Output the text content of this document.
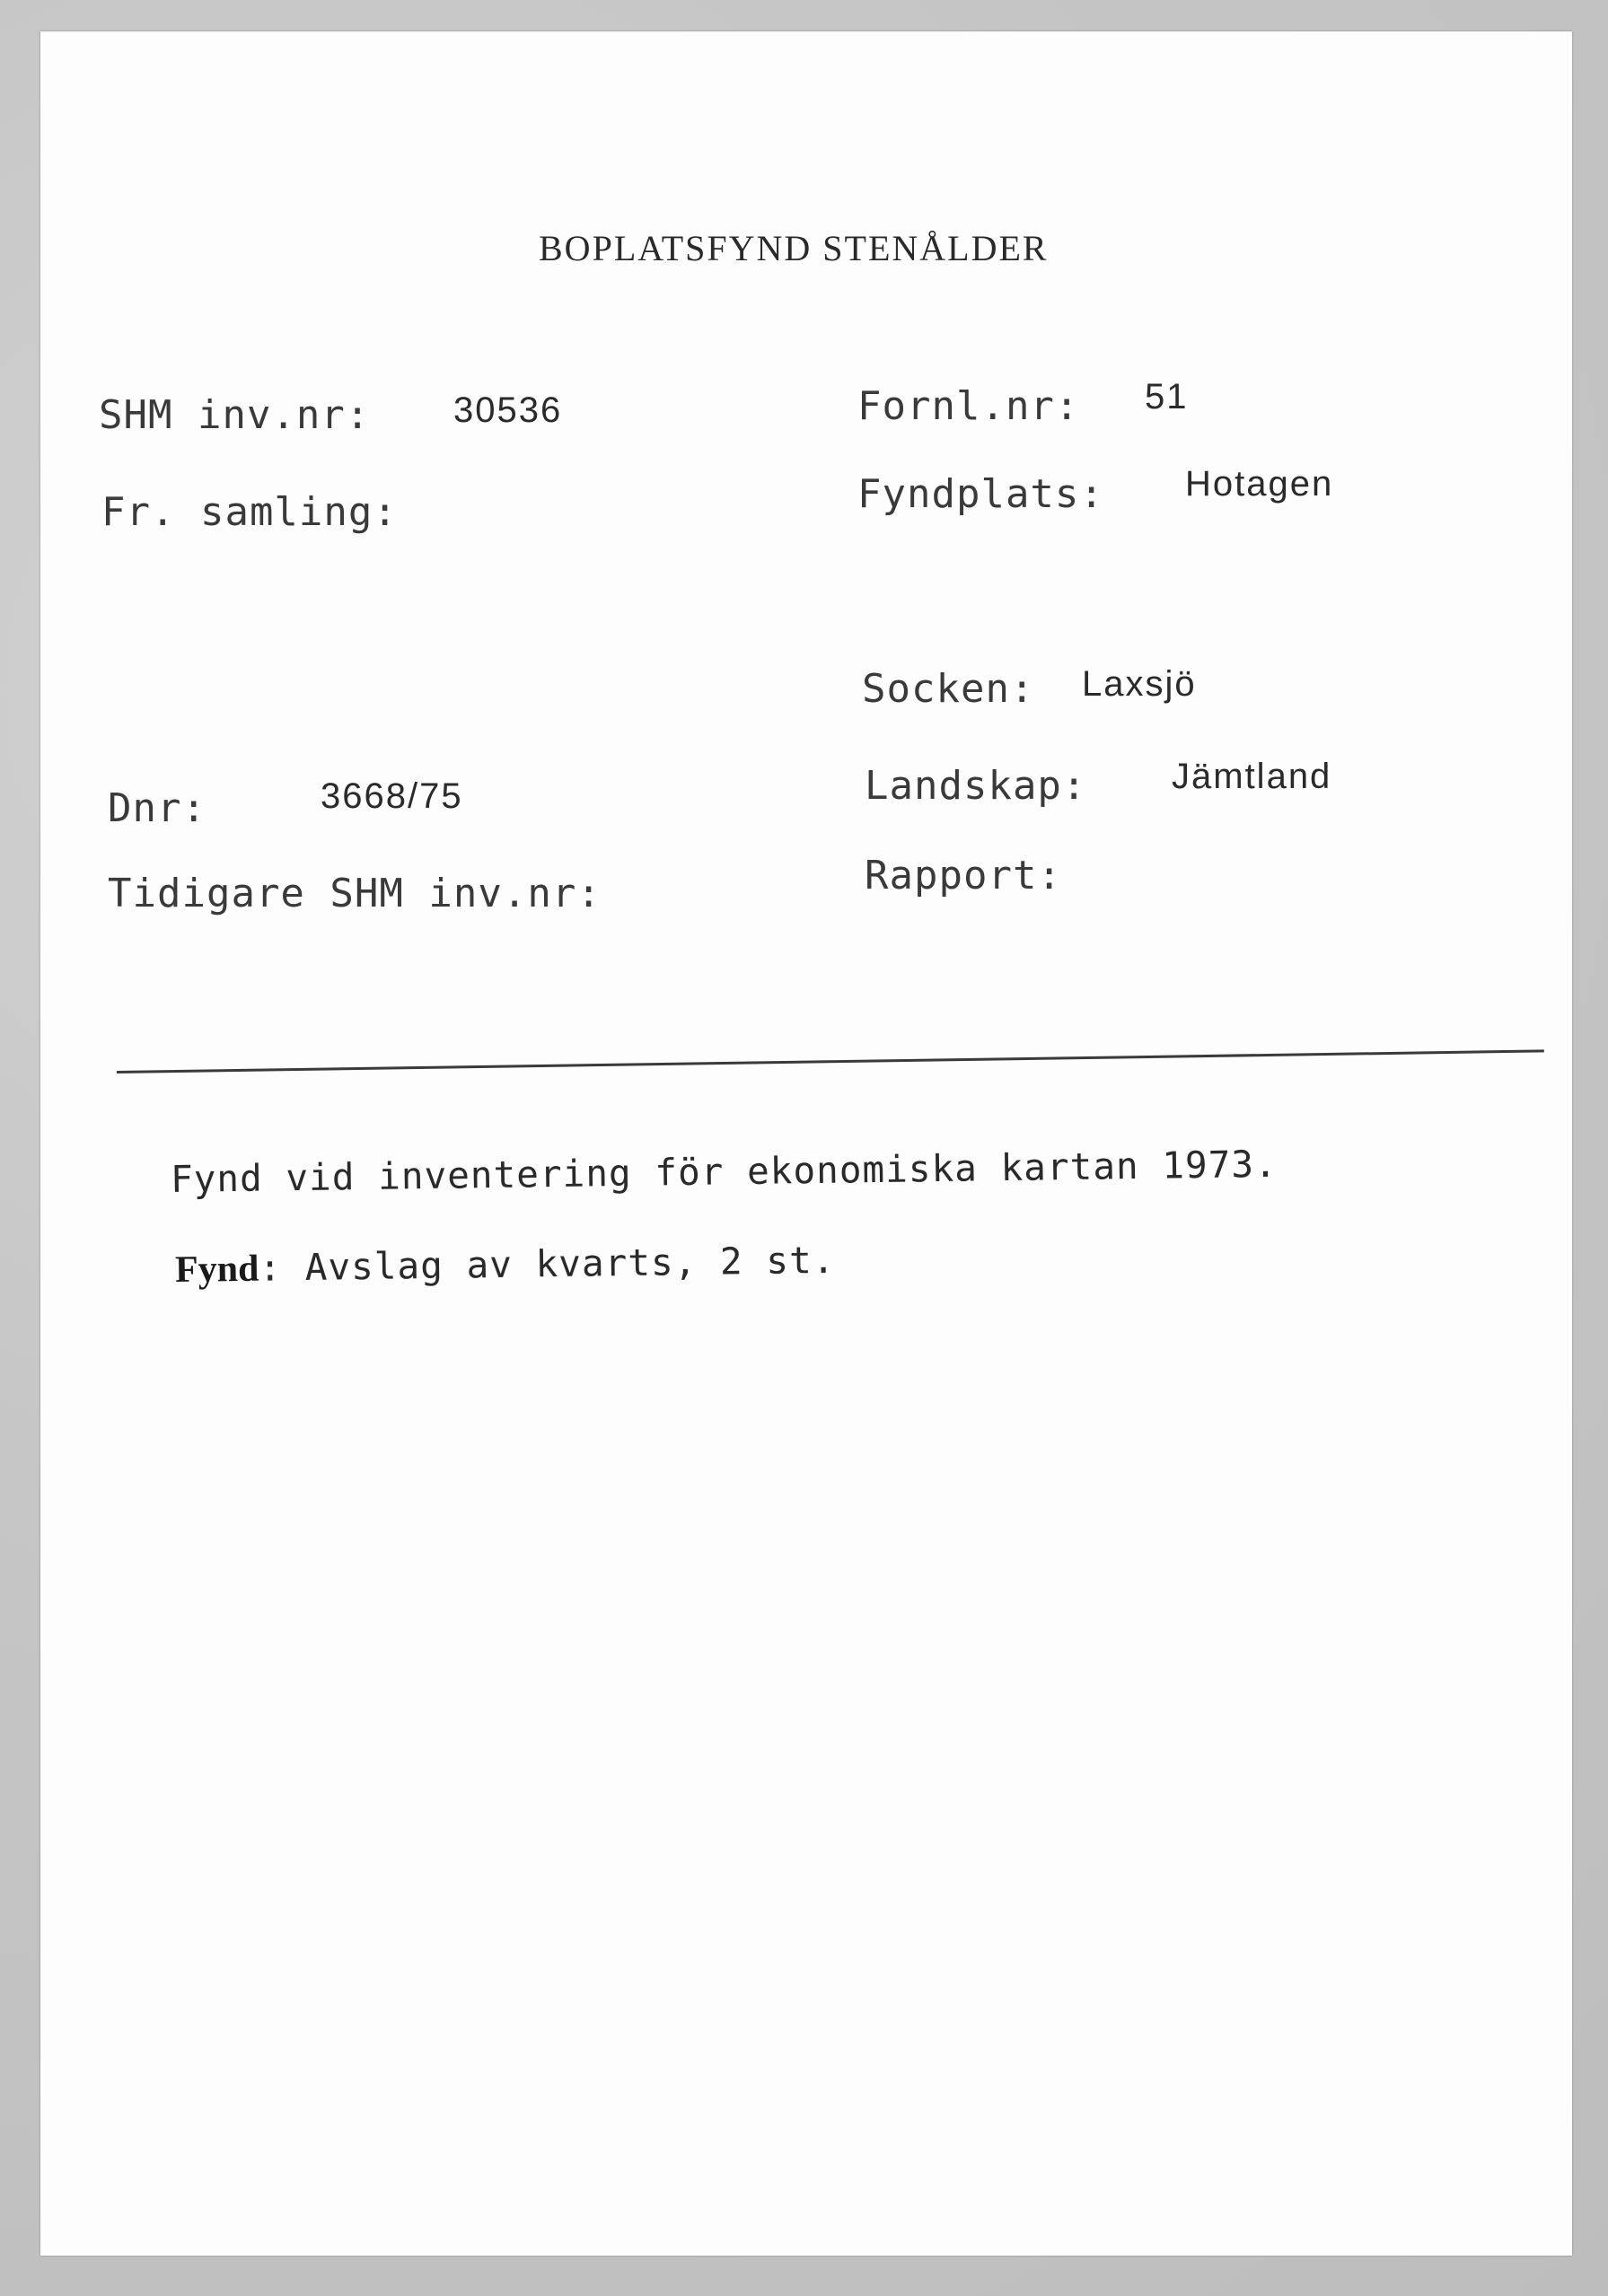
BOPLATSFYND STENÅLDER
SHM inv.nr: 30536
Fr. samling:
Dnr:	3668/75
Tidigare SHM inv.nr:
Fornl.nr: 51
Fyndplats: Hotagen
Socken: Laxsjö
Landskap: Jämtland
Rapport:
Fynd vid inventering för ekonomiska kartan 1973.
Fynd: Avslag av kvarts, 2 st.
